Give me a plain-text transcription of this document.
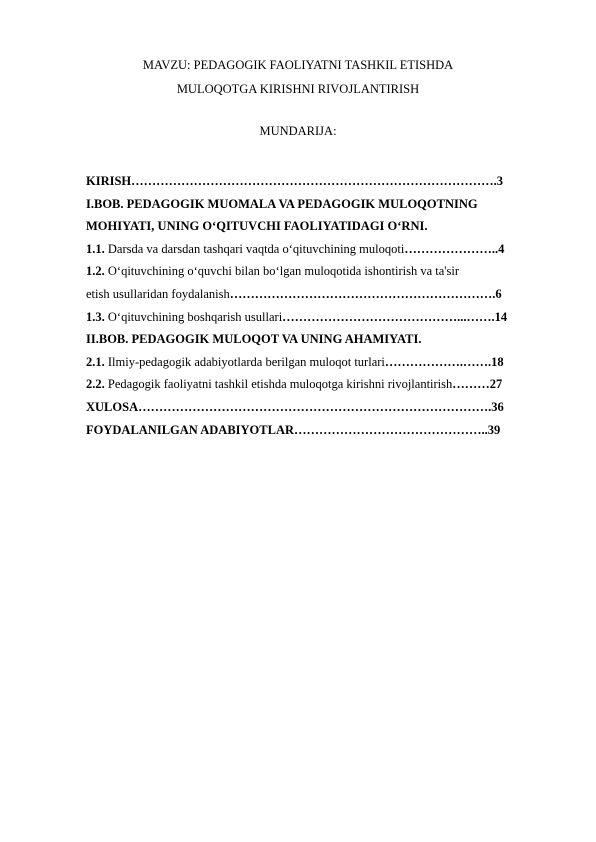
MAVZU: PEDAGOGIK FAOLIYATNI TASHKIL ETISHDA
MULOQOTGA KIRISHNI RIVOJLANTIRISH
MUNDARIJA:
KIRISH…………………………………………………………………………….3
I.BOB. PEDAGOGIK MUOMALA VA PEDAGOGIK MULOQOTNING
MOHIYATI, UNING O‘QITUVCHI FAOLIYATIDAGI O‘RNI.
1.1. Darsda va darsdan tashqari vaqtda o‘qituvchining muloqoti…………………..4
1.2. O‘qituvchining o‘quvchi bilan bo‘lgan muloqotida ishontirish va ta'sir
etish usullaridan foydalanish……………………………………………………….6
1.3. O‘qituvchining boshqarish usullari……………………………………...…….14
II.BOB. PEDAGOGIK MULOQOT VA UNING AHAMIYATI.
2.1. Ilmiy-pedagogik adabiyotlarda berilgan muloqot turlari……………….…….18
2.2. Pedagogik faoliyatni tashkil etishda muloqotga kirishni rivojlantirish………27
XULOSA………………………………………………………………………….36
FOYDALANILGAN ADABIYOTLAR………………………………………..39
